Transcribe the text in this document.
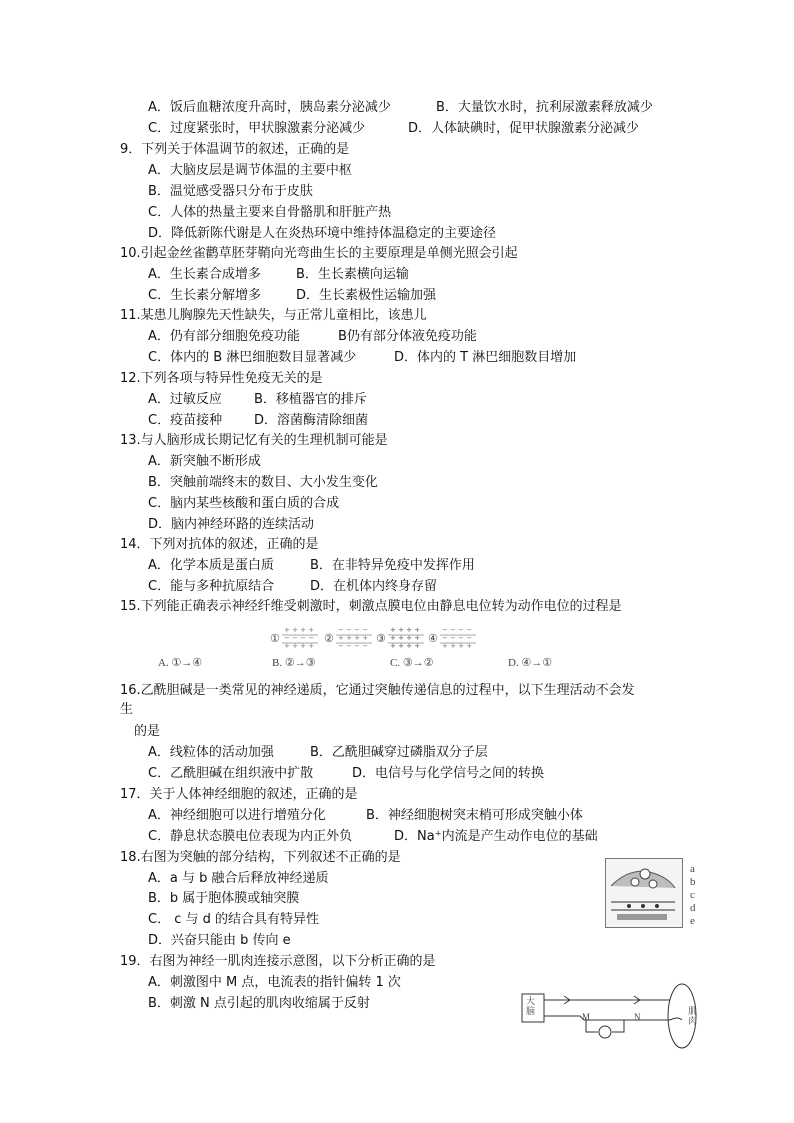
A．饭后血糖浓度升高时，胰岛素分泌减少	B．大量饮水时，抗利尿激素释放减少
C．过度紧张时，甲状腺激素分泌减少	D．人体缺碘时，促甲状腺激素分泌减少
9．下列关于体温调节的叙述，正确的是
A．大脑皮层是调节体温的主要中枢
B．温觉感受器只分布于皮肤
C．人体的热量主要来自骨骼肌和肝脏产热
D．降低新陈代谢是人在炎热环境中维持体温稳定的主要途径
10.引起金丝雀鹳草胚芽鞘向光弯曲生长的主要原理是单侧光照会引起
A．生长素合成增多	B．生长素横向运输
C．生长素分解增多	D．生长素极性运输加强
11.某患儿胸腺先天性缺失，与正常儿童相比，该患儿
A．仍有部分细胞免疫功能	B仍有部分体液免疫功能
C．体内的 B 淋巴细胞数目显著减少	D．体内的 T 淋巴细胞数目增加
12.下列各项与特异性免疫无关的是
A．过敏反应 B．移植器官的排斥
C．疫苗接种 D．溶菌酶清除细菌
13.与人脑形成长期记忆有关的生理机制可能是
A．新突触不断形成
B．突触前端终末的数目、大小发生变化
C．脑内某些核酸和蛋白质的合成
D．脑内神经环路的连续活动
14．下列对抗体的叙述，正确的是
A．化学本质是蛋白质	B．在非特异免疫中发挥作用
C．能与多种抗原结合	D．在机体内终身存留
15.下列能正确表示神经纤维受刺激时，刺激点膜电位由静息电位转为动作电位的过程是
①	②	③	④
+ + + +
− − − −
+ + + +
− − − −
+ + + +
− − − −
+ + + +
+ + + +
+ + + +
− − − −
− − − −
+ + + +
A. ①→④	B. ②→③	C. ③→②	D. ④→①
16.乙酰胆碱是一类常见的神经递质，它通过突触传递信息的过程中，以下生理活动不会发
生
的是
A．线粒体的活动加强	B．乙酰胆碱穿过磷脂双分子层
C．乙酰胆碱在组织液中扩散	D．电信号与化学信号之间的转换
17．关于人体神经细胞的叙述，正确的是
A．神经细胞可以进行增殖分化	B．神经细胞树突末梢可形成突触小体
C．静息状态膜电位表现为内正外负	D．Na⁺内流是产生动作电位的基础
18.右图为突触的部分结构，下列叙述不正确的是
A．a 与 b 融合后释放神经递质
B．b 属于胞体膜或轴突膜
C． c 与 d 的结合具有特异性
D．兴奋只能由 b 传向 e
a
b
c
d
e
19．右图为神经一肌肉连接示意图，以下分析正确的是
A．刺激图中 M 点，电流表的指针偏转 1 次
B．刺激 N 点引起的肌肉收缩属于反射	大脑
M	N
肌肉
